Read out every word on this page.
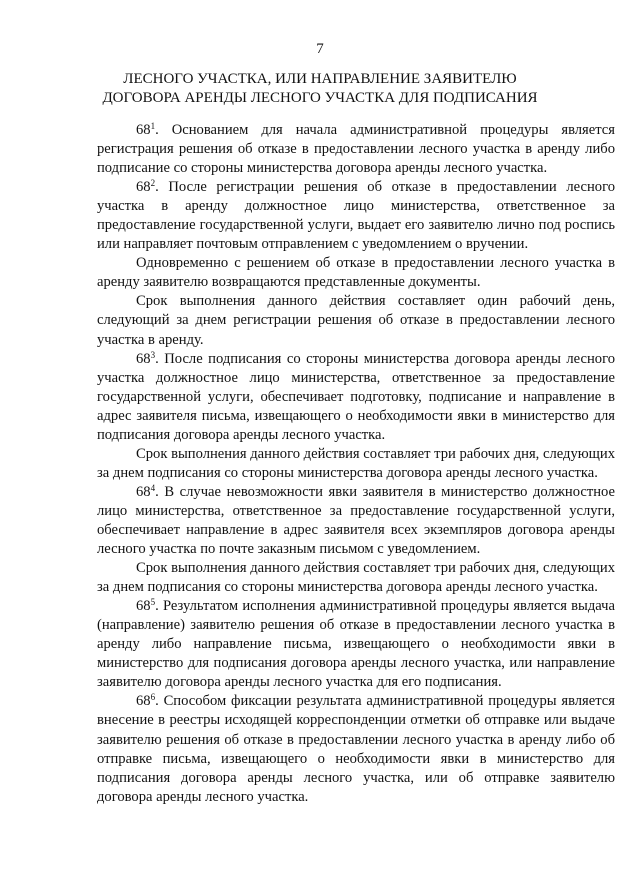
7
ЛЕСНОГО УЧАСТКА, ИЛИ НАПРАВЛЕНИЕ ЗАЯВИТЕЛЮ ДОГОВОРА АРЕНДЫ ЛЕСНОГО УЧАСТКА ДЛЯ ПОДПИСАНИЯ

$68^1$. Основанием для начала административной процедуры является регистрация решения об отказе в предоставлении лесного участка в аренду либо подписание со стороны министерства договора аренды лесного участка.

$68^2$. После регистрации решения об отказе в предоставлении лесного участка в аренду должностное лицо министерства, ответственное за предоставление государственной услуги, выдает его заявителю лично под роспись или направляет почтовым отправлением с уведомлением о вручении.

Одновременно с решением об отказе в предоставлении лесного участка в аренду заявителю возвращаются представленные документы.

Срок выполнения данного действия составляет один рабочий день, следующий за днем регистрации решения об отказе в предоставлении лесного участка в аренду.

$68^3$. После подписания со стороны министерства договора аренды лесного участка должностное лицо министерства, ответственное за предоставление государственной услуги, обеспечивает подготовку, подписание и направление в адрес заявителя письма, извещающего о необходимости явки в министерство для подписания договора аренды лесного участка.

Срок выполнения данного действия составляет три рабочих дня, следующих за днем подписания со стороны министерства договора аренды лесного участка.

$68^4$. В случае невозможности явки заявителя в министерство должностное лицо министерства, ответственное за предоставление государственной услуги, обеспечивает направление в адрес заявителя всех экземпляров договора аренды лесного участка по почте заказным письмом с уведомлением.

Срок выполнения данного действия составляет три рабочих дня, следующих за днем подписания со стороны министерства договора аренды лесного участка.

$68^5$. Результатом исполнения административной процедуры является выдача (направление) заявителю решения об отказе в предоставлении лесного участка в аренду либо направление письма, извещающего о необходимости явки в министерство для подписания договора аренды лесного участка, или направление заявителю договора аренды лесного участка для его подписания.

$68^6$. Способом фиксации результата административной процедуры является внесение в реестры исходящей корреспонденции отметки об отправке или выдаче заявителю решения об отказе в предоставлении лесного участка в аренду либо об отправке письма, извещающего о необходимости явки в министерство для подписания договора аренды лесного участка, или об отправке заявителю договора аренды лесного участка.
